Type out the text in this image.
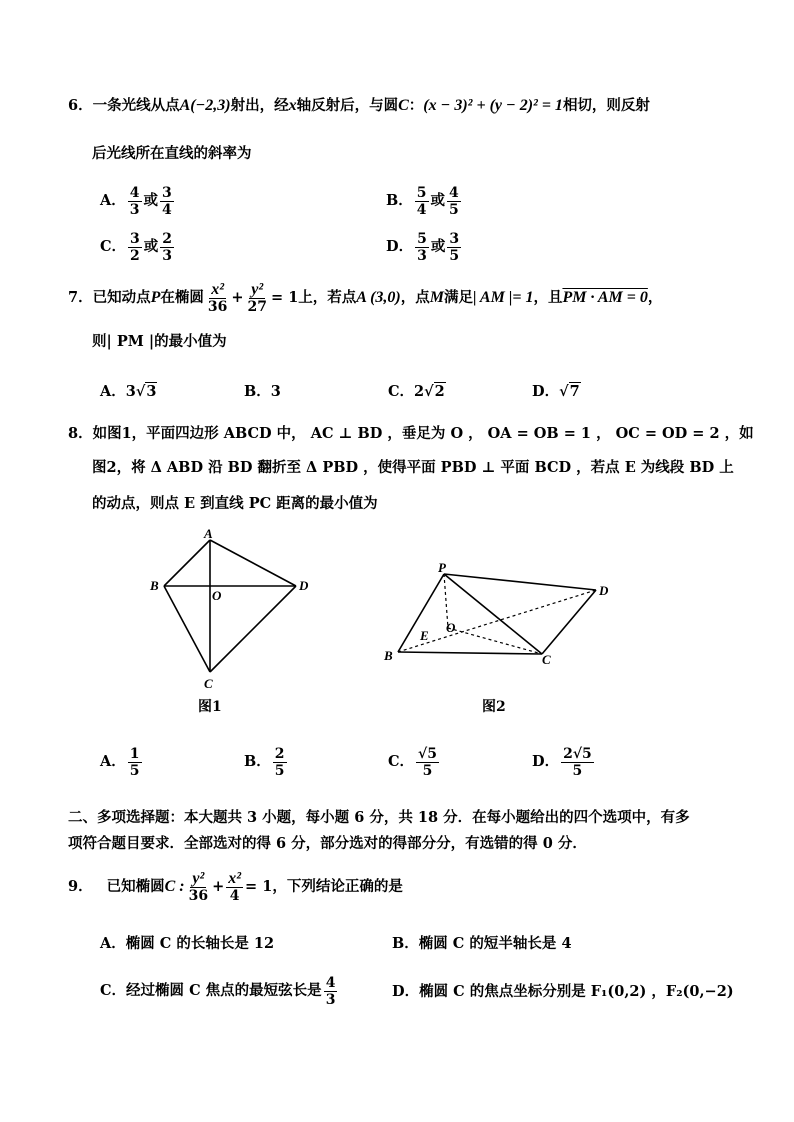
6．一条光线从点A(−2,3)射出，经x轴反射后，与圆C：(x − 3)² + (y − 2)² = 1相切，则反射
后光线所在直线的斜率为
A． $\frac{4}{3}$ 或 $\frac{3}{4}$	B． $\frac{5}{4}$ 或 $\frac{4}{5}$
C． $\frac{3}{2}$ 或 $\frac{2}{3}$	D． $\frac{5}{3}$ 或 $\frac{3}{5}$
7． 已知动点 P 在椭圆 $\frac{\text{x²}}{36} + \frac{\text{y²}}{27} = 1$ 上，若点 A (3,0) ，点 M 满足 | AM |= 1 ，且 PM · AM = 0 ，
则| PM |的最小值为
A．3√3	B．3	C．2√2	D．√7
8．如图1，平面四边形 ABCD 中， AC ⊥ BD ，垂足为 O ， OA = OB = 1 ， OC = OD = 2 ，如
图2，将 Δ ABD 沿 BD 翻折至 Δ PBD ，使得平面 PBD ⊥ 平面 BCD ，若点 E 为线段 BD 上
的动点，则点 E 到直线 PC 距离的最小值为
A
B	D
O
C
图1
P
D
O
E
B	C
图2
A． $\frac{1}{5}$	B． $\frac{2}{5}$	C． $\frac{√5}{5}$	D． $\frac{2√5}{5}$
二、多项选择题：本大题共 3 小题，每小题 6 分，共 18 分．在每小题给出的四个选项中，有多
项符合题目要求．全部选对的得 6 分，部分选对的得部分分，有选错的得 0 分．
9． 已知椭圆 C : $\frac{\text{y²}}{36} + \frac{\text{x²}}{4} = 1$ ，下列结论正确的是
A．椭圆 C 的长轴长是 12	B．椭圆 C 的短半轴长是 4
C．经过椭圆 C 焦点的最短弦长是 $\frac{4}{3}$	D．椭圆 C 的焦点坐标分别是 F₁(0,2) ，F₂(0,−2)
